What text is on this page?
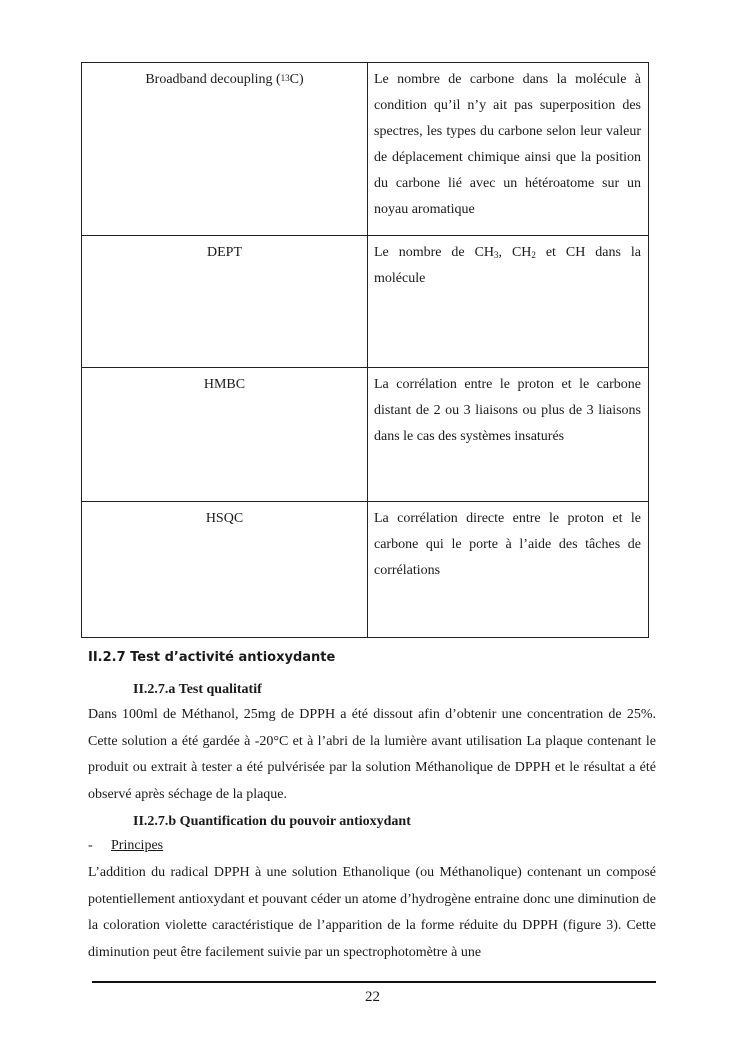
Broadband decoupling ($^{13}$C)	Le nombre de carbone dans la molécule à condition qu’il n’y ait pas superposition des spectres, les types du carbone selon leur valeur de déplacement chimique ainsi que la position du carbone lié avec un hétéroatome sur un noyau aromatique
DEPT	Le nombre de $CH_3$, $CH_2$ et CH dans la molécule
HMBC	La corrélation entre le proton et le carbone distant de 2 ou 3 liaisons ou plus de 3 liaisons dans le cas des systèmes insaturés
HSQC	La corrélation directe entre le proton et le carbone qui le porte à l’aide des tâches de corrélations
II.2.7 Test d’activité antioxydante
II.2.7.a Test qualitatif

Dans 100ml de Méthanol, 25mg de DPPH a été dissout afin d’obtenir une concentration de 25%. Cette solution a été gardée à -20°C et à l’abri de la lumière avant utilisation La plaque contenant le produit ou extrait à tester a été pulvérisée par la solution Méthanolique de DPPH et le résultat a été observé après séchage de la plaque.

II.2.7.b Quantification du pouvoir antioxydant
- Principes

L’addition du radical DPPH à une solution Ethanolique (ou Méthanolique) contenant un composé potentiellement antioxydant et pouvant céder un atome d’hydrogène entraine donc une diminution de la coloration violette caractéristique de l’apparition de la forme réduite du DPPH (figure 3). Cette diminution peut être facilement suivie par un spectrophotomètre à une

22
